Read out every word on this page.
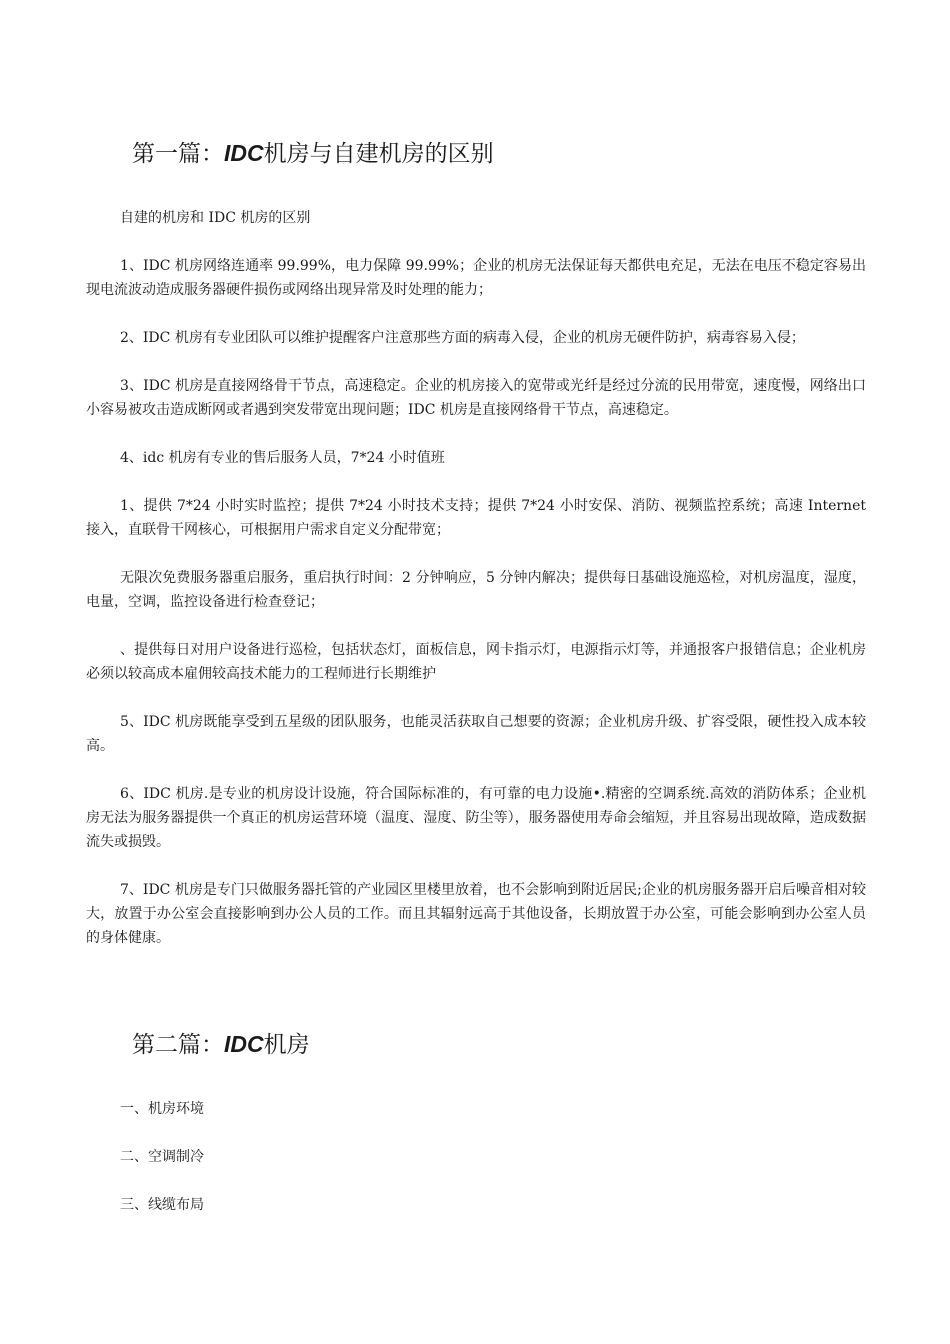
第一篇：IDC机房与自建机房的区别

自建的机房和 IDC 机房的区别

1、IDC 机房网络连通率 99.99%，电力保障 99.99%；企业的机房无法保证每天都供电充足，无法在电压不稳定容易出现电流波动造成服务器硬件损伤或网络出现异常及时处理的能力；

2、IDC 机房有专业团队可以维护提醒客户注意那些方面的病毒入侵，企业的机房无硬件防护，病毒容易入侵；

3、IDC 机房是直接网络骨干节点，高速稳定。企业的机房接入的宽带或光纤是经过分流的民用带宽，速度慢，网络出口小容易被攻击造成断网或者遇到突发带宽出现问题；IDC 机房是直接网络骨干节点，高速稳定。

4、idc 机房有专业的售后服务人员，7*24 小时值班

1、提供 7*24 小时实时监控；提供 7*24 小时技术支持；提供 7*24 小时安保、消防、视频监控系统；高速 Internet 接入，直联骨干网核心，可根据用户需求自定义分配带宽；

无限次免费服务器重启服务，重启执行时间：2 分钟响应，5 分钟内解决；提供每日基础设施巡检，对机房温度，湿度，电量，空调，监控设备进行检查登记；

、提供每日对用户设备进行巡检，包括状态灯，面板信息，网卡指示灯，电源指示灯等，并通报客户报错信息；企业机房必须以较高成本雇佣较高技术能力的工程师进行长期维护

5、IDC 机房既能享受到五星级的团队服务，也能灵活获取自己想要的资源；企业机房升级、扩容受限，硬性投入成本较高。

6、IDC 机房.是专业的机房设计设施，符合国际标准的，有可靠的电力设施•.精密的空调系统.高效的消防体系；企业机房无法为服务器提供一个真正的机房运营环境（温度、湿度、防尘等），服务器使用寿命会缩短，并且容易出现故障，造成数据流失或损毁。

7、IDC 机房是专门只做服务器托管的产业园区里楼里放着，也不会影响到附近居民;企业的机房服务器开启后噪音相对较大，放置于办公室会直接影响到办公人员的工作。而且其辐射远高于其他设备，长期放置于办公室，可能会影响到办公室人员的身体健康。

第二篇：IDC机房

一、机房环境

二、空调制冷

三、线缆布局
